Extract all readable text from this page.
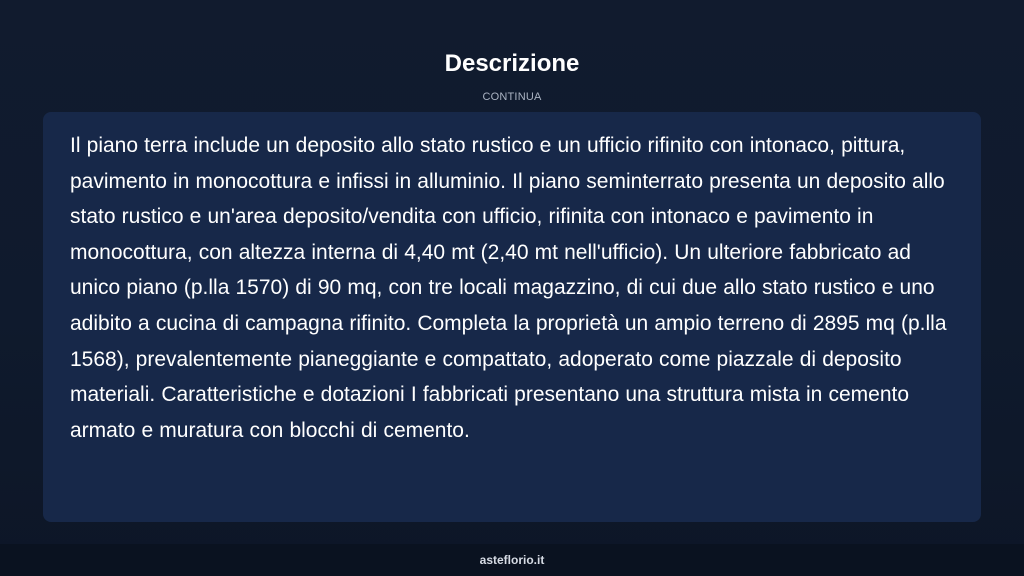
Descrizione
CONTINUA

Il piano terra include un deposito allo stato rustico e un ufficio rifinito con intonaco, pittura, pavimento in monocottura e infissi in alluminio. Il piano seminterrato presenta un deposito allo stato rustico e un'area deposito/vendita con ufficio, rifinita con intonaco e pavimento in monocottura, con altezza interna di 4,40 mt (2,40 mt nell'ufficio). Un ulteriore fabbricato ad unico piano (p.lla 1570) di 90 mq, con tre locali magazzino, di cui due allo stato rustico e uno adibito a cucina di campagna rifinito. Completa la proprietà un ampio terreno di 2895 mq (p.lla 1568), prevalentemente pianeggiante e compattato, adoperato come piazzale di deposito materiali. Caratteristiche e dotazioni I fabbricati presentano una struttura mista in cemento armato e muratura con blocchi di cemento.

asteflorio.it
